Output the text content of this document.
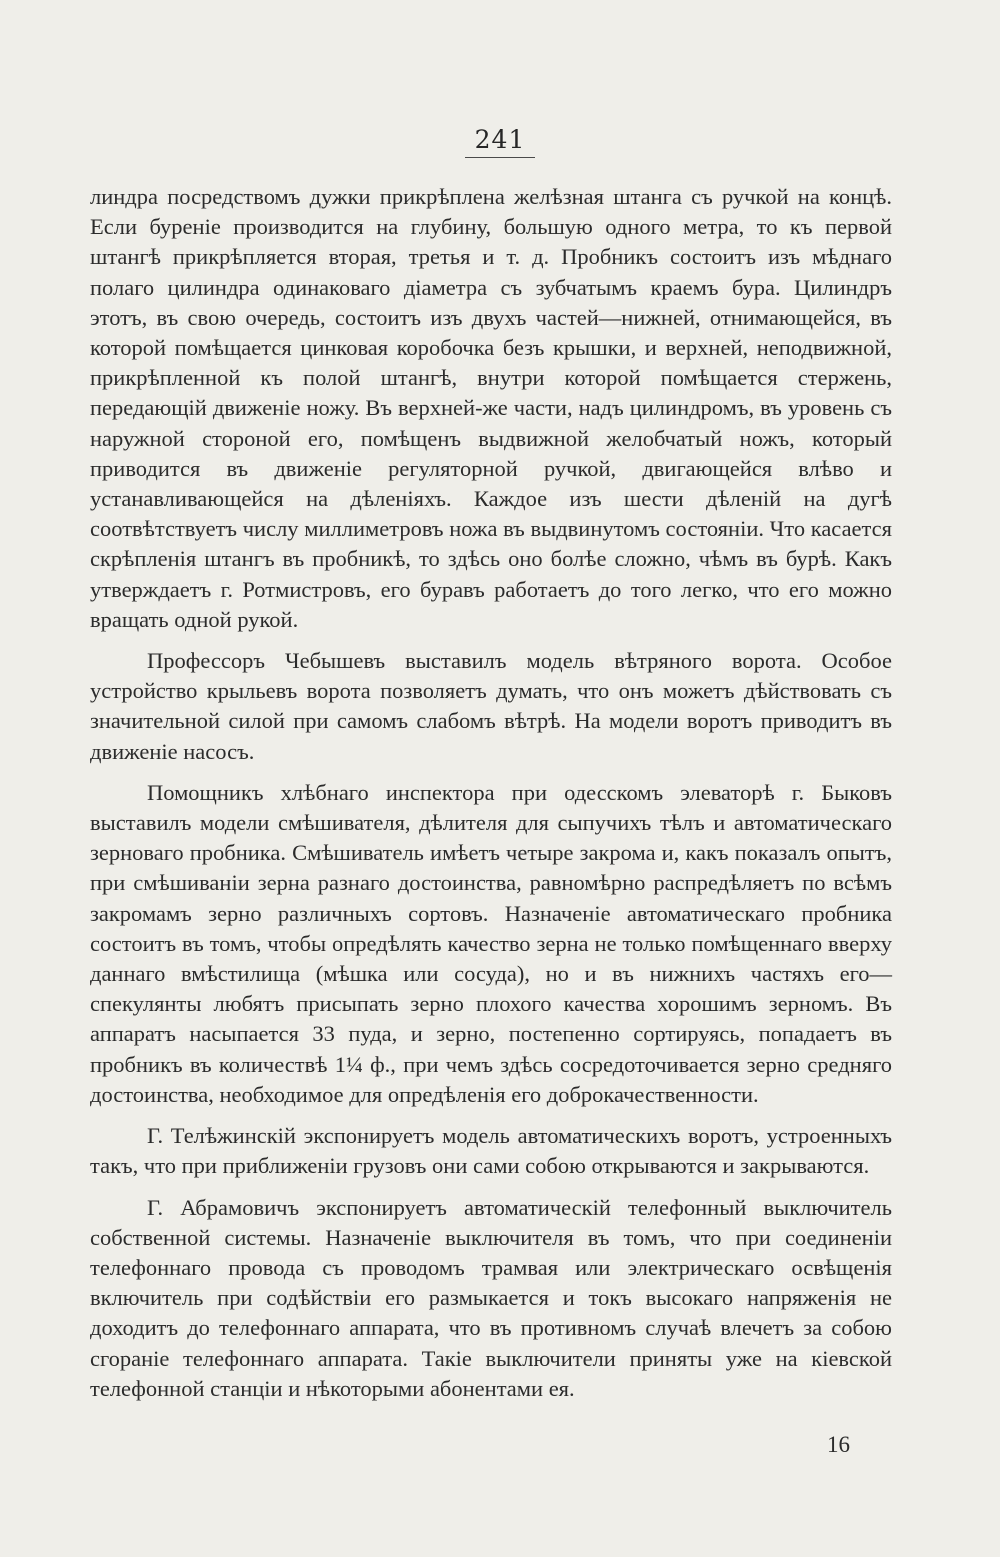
241

линдра посредствомъ дужки прикрѣплена желѣзная штанга съ ручкой на концѣ. Если буреніе производится на глубину, большую одного метра, то къ первой штангѣ прикрѣпляется вторая, третья и т. д. Пробникъ состоитъ изъ мѣднаго полаго цилиндра одинаковаго діаметра съ зубчатымъ краемъ бура. Цилиндръ этотъ, въ свою очередь, состоитъ изъ двухъ частей—нижней, отнимающейся, въ которой помѣщается цинковая коробочка безъ крышки, и верхней, неподвижной, прикрѣпленной къ полой штангѣ, внутри которой помѣщается стержень, передающій движеніе ножу. Въ верхней-же части, надъ цилиндромъ, въ уровень съ наружной стороной его, помѣщенъ выдвижной желобчатый ножъ, который приводится въ движеніе регуляторной ручкой, двигающейся влѣво и устанавливающейся на дѣленіяхъ. Каждое изъ шести дѣленій на дугѣ соотвѣтствуетъ числу миллиметровъ ножа въ выдвинутомъ состояніи. Что касается скрѣпленія штангъ въ пробникѣ, то здѣсь оно болѣе сложно, чѣмъ въ бурѣ. Какъ утверждаетъ г. Ротмистровъ, его буравъ работаетъ до того легко, что его можно вращать одной рукой.

Профессоръ Чебышевъ выставилъ модель вѣтряного ворота. Особое устройство крыльевъ ворота позволяетъ думать, что онъ можетъ дѣйствовать съ значительной силой при самомъ слабомъ вѣтрѣ. На модели воротъ приводитъ въ движеніе насосъ.

Помощникъ хлѣбнаго инспектора при одесскомъ элеваторѣ г. Быковъ выставилъ модели смѣшивателя, дѣлителя для сыпучихъ тѣлъ и автоматическаго зерноваго пробника. Смѣшиватель имѣетъ четыре закрома и, какъ показалъ опытъ, при смѣшиваніи зерна разнаго достоинства, равномѣрно распредѣляетъ по всѣмъ закромамъ зерно различныхъ сортовъ. Назначеніе автоматическаго пробника состоитъ въ томъ, чтобы опредѣлять качество зерна не только помѣщеннаго вверху даннаго вмѣстилища (мѣшка или сосуда), но и въ нижнихъ частяхъ его—спекулянты любятъ присыпать зерно плохого качества хорошимъ зерномъ. Въ аппаратъ насыпается 33 пуда, и зерно, постепенно сортируясь, попадаетъ въ пробникъ въ количествѣ 1¼ ф., при чемъ здѣсь сосредоточивается зерно средняго достоинства, необходимое для опредѣленія его доброкачественности.

Г. Телѣжинскій экспонируетъ модель автоматическихъ воротъ, устроенныхъ такъ, что при приближеніи грузовъ они сами собою открываются и закрываются.

Г. Абрамовичъ экспонируетъ автоматическій телефонный выключитель собственной системы. Назначеніе выключителя въ томъ, что при соединеніи телефоннаго провода съ проводомъ трамвая или электрическаго освѣщенія включитель при содѣйствіи его размыкается и токъ высокаго напряженія не доходитъ до телефоннаго аппарата, что въ противномъ случаѣ влечетъ за собою сгораніе телефоннаго аппарата. Такіе выключители приняты уже на кіевской телефонной станціи и нѣкоторыми абонентами ея.

16
